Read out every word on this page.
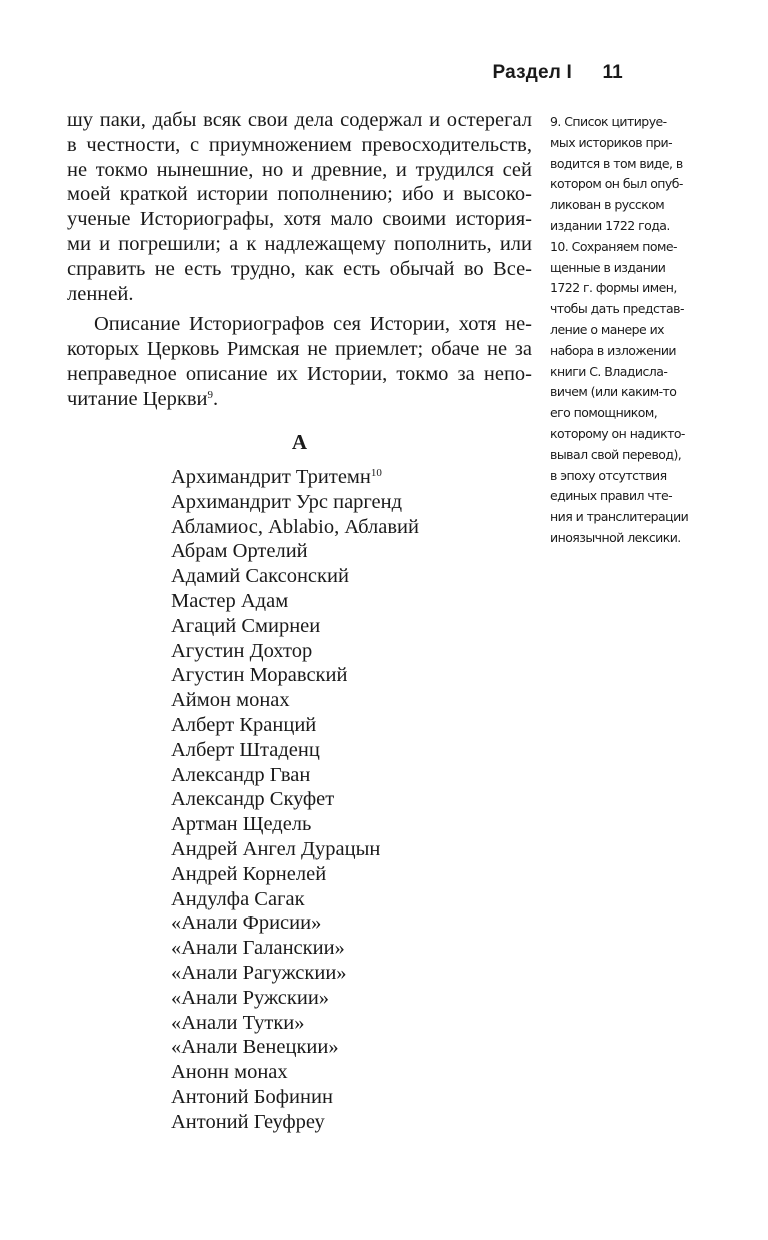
Раздел I 11
шу паки, дабы всяк свои дела содержал и остерегал
в честности, с приумножением превосходительств,
не токмо нынешние, но и древние, и трудился сей
моей краткой истории пополнению; ибо и высоко-
ученые Историографы, хотя мало своими история-
ми и погрешили; а к надлежащему пополнить, или
справить не есть трудно, как есть обычай во Все-
ленней.
Описание Историографов сея Истории, хотя не-
которых Церковь Римская не приемлет; обаче не за
неправедное описание их Истории, токмо за непо-
читание Церкви$^9$.
А
Архимандрит Тритемн$^{10}$
Архимандрит Урс паргенд
Абламиос, Ablabio, Аблавий
Абрам Ортелий
Адамий Саксонский
Мастер Адам
Агаций Смирнеи
Агустин Дохтор
Агустин Моравский
Аймон монах
Алберт Кранций
Алберт Штаденц
Александр Гван
Александр Скуфет
Артман Щедель
Андрей Ангел Дурацын
Андрей Корнелей
Андулфа Сагак
«Анали Фрисии»
«Анали Галанскии»
«Анали Рагужскии»
«Анали Ружскии»
«Анали Тутки»
«Анали Венецкии»
Анонн монах
Антоний Бофинин
Антоний Геуфреу
9. Список цитируе-
мых историков при-
водится в том виде, в
котором он был опуб-
ликован в русском
издании 1722 года.
10. Сохраняем поме-
щенные в издании
1722 г. формы имен,
чтобы дать представ-
ление о манере их
набора в изложении
книги С. Владисла-
вичем (или каким-то
его помощником,
которому он надикто-
вывал свой перевод),
в эпоху отсутствия
единых правил чте-
ния и транслитерации
иноязычной лексики.
